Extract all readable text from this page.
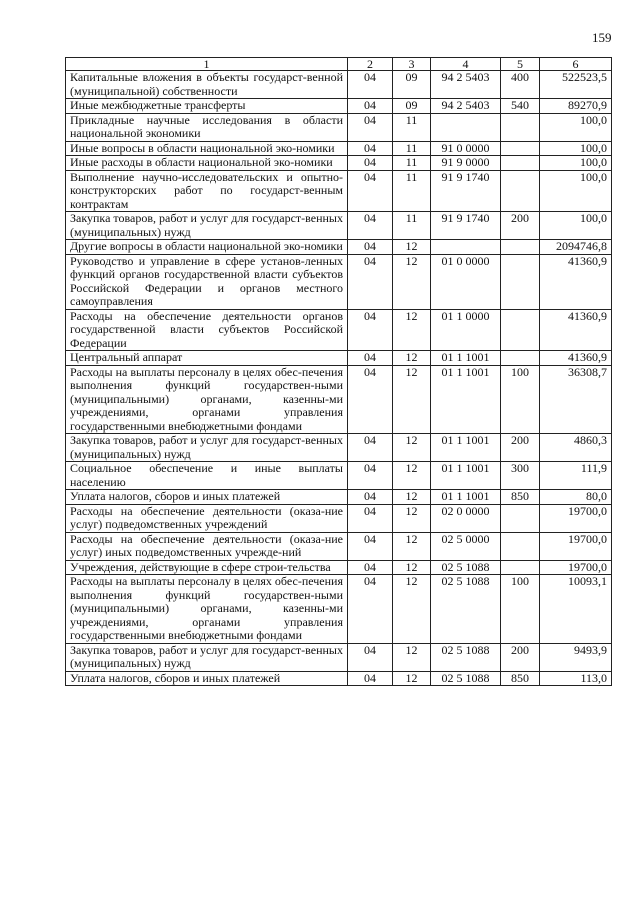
159
1	2	3	4	5	6
Капитальные вложения в объекты государст-венной (муниципальной) собственности	04	09	94 2 5403	400	522523,5
Иные межбюджетные трансферты	04	09	94 2 5403	540	89270,9
Прикладные научные исследования в области национальной экономики	04	11			100,0
Иные вопросы в области национальной эко-номики	04	11	91 0 0000		100,0
Иные расходы в области национальной эко-номики	04	11	91 9 0000		100,0
Выполнение научно-исследовательских и опытно-конструкторских работ по государст-венным контрактам	04	11	91 9 1740		100,0
Закупка товаров, работ и услуг для государст-венных (муниципальных) нужд	04	11	91 9 1740	200	100,0
Другие вопросы в области национальной эко-номики	04	12			2094746,8
Руководство и управление в сфере установ-ленных функций органов государственной власти субъектов Российской Федерации и органов местного самоуправления	04	12	01 0 0000		41360,9
Расходы на обеспечение деятельности органов государственной власти субъектов Российской Федерации	04	12	01 1 0000		41360,9
Центральный аппарат	04	12	01 1 1001		41360,9
Расходы на выплаты персоналу в целях обес-печения выполнения функций государствен-ными (муниципальными) органами, казенны-ми учреждениями, органами управления государственными внебюджетными фондами	04	12	01 1 1001	100	36308,7
Закупка товаров, работ и услуг для государст-венных (муниципальных) нужд	04	12	01 1 1001	200	4860,3
Социальное обеспечение и иные выплаты населению	04	12	01 1 1001	300	111,9
Уплата налогов, сборов и иных платежей	04	12	01 1 1001	850	80,0
Расходы на обеспечение деятельности (оказа-ние услуг) подведомственных учреждений	04	12	02 0 0000		19700,0
Расходы на обеспечение деятельности (оказа-ние услуг) иных подведомственных учрежде-ний	04	12	02 5 0000		19700,0
Учреждения, действующие в сфере строи-тельства	04	12	02 5 1088		19700,0
Расходы на выплаты персоналу в целях обес-печения выполнения функций государствен-ными (муниципальными) органами, казенны-ми учреждениями, органами управления государственными внебюджетными фондами	04	12	02 5 1088	100	10093,1
Закупка товаров, работ и услуг для государст-венных (муниципальных) нужд	04	12	02 5 1088	200	9493,9
Уплата налогов, сборов и иных платежей	04	12	02 5 1088	850	113,0
